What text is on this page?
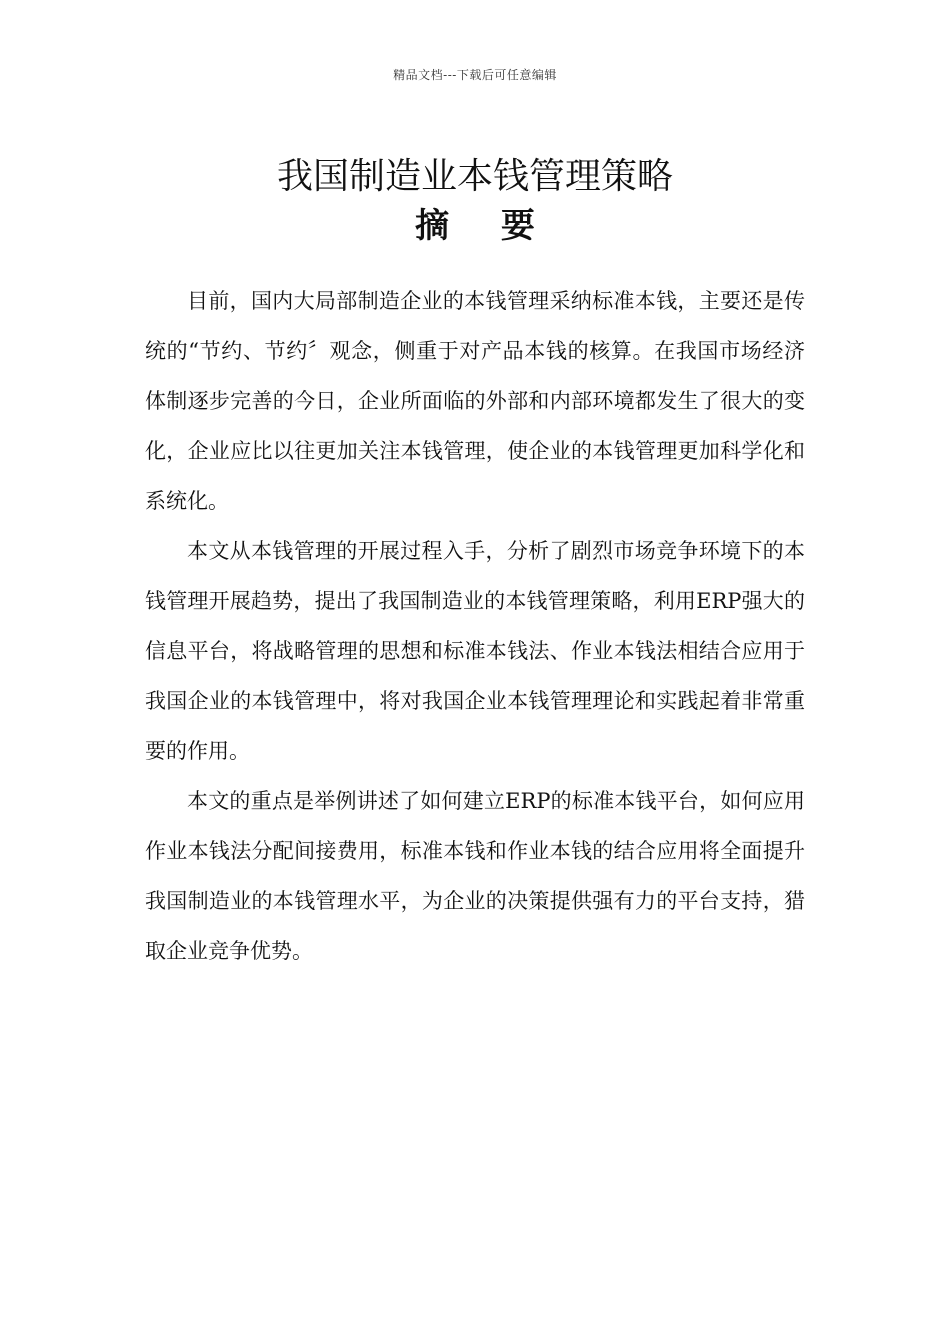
精品文档---下载后可任意编辑
我国制造业本钱管理策略
摘 要

目前，国内大局部制造企业的本钱管理采纳标准本钱，主要还是传统的“节约、节约〞观念，侧重于对产品本钱的核算。在我国市场经济体制逐步完善的今日，企业所面临的外部和内部环境都发生了很大的变化，企业应比以往更加关注本钱管理，使企业的本钱管理更加科学化和系统化。

本文从本钱管理的开展过程入手，分析了剧烈市场竞争环境下的本钱管理开展趋势，提出了我国制造业的本钱管理策略，利用ERP强大的信息平台，将战略管理的思想和标准本钱法、作业本钱法相结合应用于我国企业的本钱管理中，将对我国企业本钱管理理论和实践起着非常重要的作用。

本文的重点是举例讲述了如何建立ERP的标准本钱平台，如何应用作业本钱法分配间接费用，标准本钱和作业本钱的结合应用将全面提升我国制造业的本钱管理水平，为企业的决策提供强有力的平台支持，猎取企业竞争优势。
